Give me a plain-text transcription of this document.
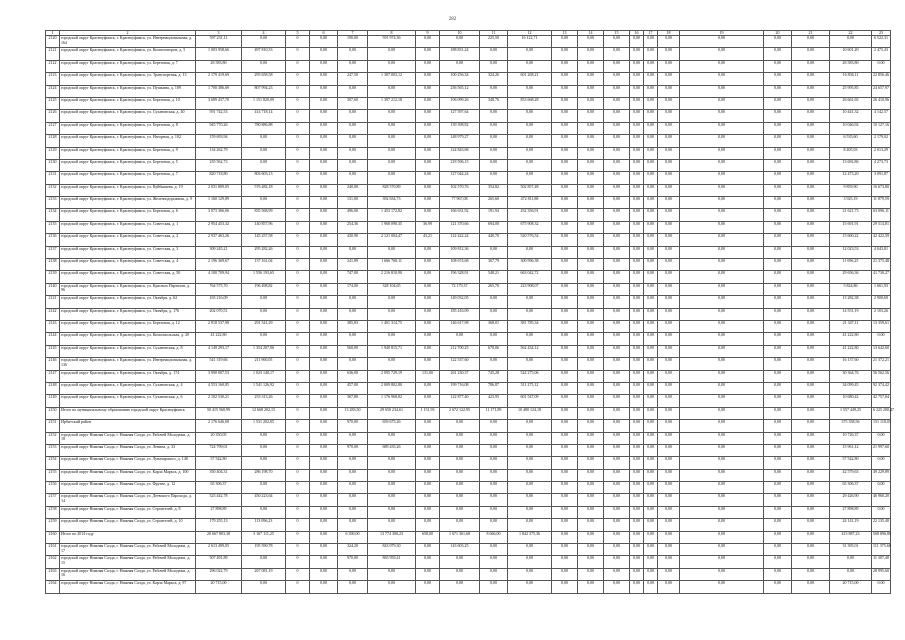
282
1	2	3	4	5	6	7	8	9	10	11	12	13	14	15	16	17	18	19	20	21	22	23
2120	городской округ Красноуфимск, г. Красноуфимск, ул. Интернациональная, д. 164	597 231,11	0,00	0	0,00	190,00	591 974,36	0,00	0,00	225,50	16 122,71	0,00	0,00	0,00	0,00	0,00	0,00	0,00	0,00	0,00	0,00	6 522,31
2121	городской округ Красноуфимск, г. Красноуфимск, ул. Композиторов, д. 5	1 003 958,66	497 810,53	0	0,00	0,00	0,00	0,00	188 831,24	0,00	0,00	0,00	0,00	0,00	0,00	0,00	0,00	0,00	0,00	0,00	10 601,20	2 475,43
2122	городской округ Красноуфимск, г. Красноуфимск, ул. Березовая, д. 7	26 583,80	0,00	0	0,00	0,00	0,00	0,00	0,00	0,00	0,00	0,00	0,00	0,00	0,00	0,00	0,00	0,00	0,00	0,00	26 583,80	0,00
2123	городской округ Красноуфимск, г. Красноуфимск, ул. Транспортная, д. 13	2 179 419,69	295 658,58	0	0,00	247,50	1 387 003,12	0,00	100 256,34	324,26	601 268,21	0,00	0,00	0,00	0,00	0,00	0,00	0,00	0,00	0,00	16 836,11	22 856,46
2124	городской округ Красноуфимск, г. Красноуфимск, ул. Пушкина, д. 109	1 700 386,69	807 994,23	0	0,00	0,00	0,00	0,00	236 565,12	0,00	0,00	0,00	0,00	0,00	0,00	0,00	0,00	0,00	0,00	0,00	25 995,85	24 657,97
2125	городской округ Красноуфимск, г. Красноуфимск, ул. Березовая, д. 10	3 689 437,70	1 151 820,09	0	0,00	307,60	1 397 212,18	0,00	106 099,26	348,76	853 668,28	0,00	0,00	0,00	0,00	0,00	0,00	0,00	0,00	0,00	26 661,65	26 410,96
2126	городской округ Красноуфимск, г. Красноуфимск, ул. Сухановская, д. 40	591 742,53	414 718,14	0	0,00	0,00	0,00	0,00	127 597,64	0,00	0,00	0,00	0,00	0,00	0,00	0,00	0,00	0,00	0,00	0,00	10 441,32	4 142,57
2127	городской округ Красноуфимск, г. Красноуфимск, ул. Березовая, д. 8	945 770,26	780 886,88	0	0,00	0,00	0,00	0,00	139 398,82	0,00	0,00	0,00	0,00	0,00	0,00	0,00	0,00	0,00	0,00	0,00	10 046,92	10 127,16
2128	городской округ Красноуфимск, г. Красноуфимск, ул. Нагорная, д. 102	159 693,94	0,00	0	0,00	0,00	0,00	0,00	148 979,27	0,00	0,00	0,00	0,00	0,00	0,00	0,00	0,00	0,00	0,00	0,00	6 535,60	2 179,02
2129	городской округ Красноуфимск, г. Красноуфимск, ул. Березовая, д. 9	134 262,79	0,00	0	0,00	0,00	0,00	0,00	124 843,68	0,00	0,00	0,00	0,00	0,00	0,00	0,00	0,00	0,00	0,00	0,00	8 405,93	2 013,29
2130	городской округ Красноуфимск, г. Красноуфимск, ул. Березовая, д. 5	235 562,73	0,00	0	0,00	0,00	0,00	0,00	218 596,15	0,00	0,00	0,00	0,00	0,00	0,00	0,00	0,00	0,00	0,00	0,00	13 692,86	4 273,73
2131	городской округ Красноуфимск, г. Красноуфимск, ул. Березовая, д. 7	820 718,80	803 603,13	0	0,00	0,00	0,00	0,00	127 044,24	0,00	0,00	0,00	0,00	0,00	0,00	0,00	0,00	0,00	0,00	0,00	12 473,20	3 091,87
2132	городской округ Красноуфимск, г. Красноуфимск, ул. Куйбышева, д. 19	2 031 809,05	576 482,18	0	0,00	240,00	828 570,89	0,00	102 570,76	354,82	502 857,48	0,00	0,00	0,00	0,00	0,00	0,00	0,00	0,00	0,00	9 859,90	16 673,80
2133	городской округ Красноуфимск, г. Красноуфимск, ул. Железнодорожная, д. 9	1 160 129,89	0,00	0	0,00	131,00	392 634,73	0,00	77 967,08	265,60	472 811,88	0,00	0,00	0,00	0,00	0,00	0,00	0,00	0,00	0,00	3 925,19	11 879,59
2134	городской округ Красноуфимск, г. Красноуфимск, ул. Березовая, д. 6	3 073 366,06	835 568,99	0	0,00	496,00	1 453 172,82	0,00	166 631,92	191,94	432 356,91	0,00	0,00	0,00	0,00	0,00	0,00	0,00	0,00	0,00	21 621,73	63 096,11
2135	городской округ Красноуфимск, г. Красноуфимск, ул. Советская, д. 1	2 954 453,32	140 857,96	0	0,00	254,36	1 968 090,35	36,99	121 370,66	694,00	675 908,32	0,00	0,00	0,00	0,00	0,00	0,00	0,00	0,00	0,00	15 691,91	29 514,81
2136	городской округ Красноуфимск, г. Красноуфимск, ул. Советская, д. 2	2 937 463,26	145 257,58	0	0,00	430,90	2 121 004,47	43,21	122 422,24	440,70	520 576,54	0,00	0,00	0,00	0,00	0,00	0,00	0,00	0,00	0,00	15 600,22	42 422,59
2137	городской округ Красноуфимск, г. Красноуфимск, ул. Советская, д. 3	309 245,21	295 282,26	0	0,00	0,00	0,00	0,00	109 812,36	0,00	0,00	0,00	0,00	0,00	0,00	0,00	0,00	0,00	0,00	0,00	12 023,53	4 043,81
2138	городской округ Красноуфимск, г. Красноуфимск, ул. Советская, д. 4	2 196 369,67	137 161,04	0	0,00	241,89	1 666 768,11	0,00	108 674,68	367,79	300 996,38	0,00	0,00	0,00	0,00	0,00	0,00	0,00	0,00	0,00	11 696,25	21 375,48
2139	городской округ Красноуфимск, г. Красноуфимск, ул. Советская, д. 50	4 100 709,94	1 556 193,65	0	0,00	747,00	2 216 810,90	0,00	196 328,91	548,21	663 042,72	0,00	0,00	0,00	0,00	0,00	0,00	0,00	0,00	0,00	29 656,36	41 730,27
2140	городской округ Красноуфимск, г. Красноуфимск, ул. Красных Партизан, д. 96	764 575,70	196 498,82	0	0,00	174,00	328 104,65	0,00	72 179,37	265,70	223 908,07	0,00	0,00	0,00	0,00	0,00	0,00	0,00	0,00	0,00	5 824,86	1 661,93
2141	городской округ Красноуфимск, г. Красноуфимск, ул. Октября, д. 62	165 216,09	0,00	0	0,00	0,00	0,00	0,00	149 032,05	0,00	0,00	0,00	0,00	0,00	0,00	0,00	0,00	0,00	0,00	0,00	13 282,38	2 900,69
2142	городской округ Красноуфимск, г. Красноуфимск, ул. Октября, д. 176	202 070,51	0,00	0	0,00	0,00	0,00	0,00	185 416,09	0,00	0,00	0,00	0,00	0,00	0,00	0,00	0,00	0,00	0,00	0,00	14 551,19	2 103,26
2143	городской округ Красноуфимск, г. Красноуфимск, ул. Березовая, д. 12	2 818 537,98	291 541,29	0	0,00	385,83	1 401 314,75	0,00	146 617,98	368,01	381 785,34	0,00	0,00	0,00	0,00	0,00	0,00	0,00	0,00	0,00	21 347,11	13 359,61
2144	городской округ Красноуфимск, г. Красноуфимск, ул. Комсомольская, д. 20	41 222,80	0,00	0	0,00	0,00	0,00	0,00	0,00	0,00	0,00	0,00	0,00	0,00	0,00	0,00	0,00	0,00	0,00	0,00	41 222,80	0,00
2145	городской округ Красноуфимск, г. Красноуфимск, ул. Сухановская, д. 8	4 149 293,17	1 354 207,06	0	0,00	560,00	1 940 815,71	0,00	212 700,25	678,06	562 434,12	0,00	0,00	0,00	0,00	0,00	0,00	0,00	0,00	0,00	41 222,80	13 642,60
2146	городской округ Красноуфимск, г. Красноуфимск, ул. Интернациональная, д. 136	541 319,66	211 960,05	0	0,00	0,00	0,00	0,00	122 537,60	0,00	0,00	0,00	0,00	0,00	0,00	0,00	0,00	0,00	0,00	0,00	16 137,60	21 372,21
2147	городской округ Красноуфимск, г. Красноуфимск, ул. Октября, д. 174	3 990 007,53	1 023 140,17	0	0,00	636,00	2 095 729,19	131,00	261 230,37	745,28	524 275,06	0,00	0,00	0,00	0,00	0,00	0,00	0,00	0,00	0,00	30 364,76	56 562,56
2148	городской округ Красноуфимск, г. Красноуфимск, ул. Сухановская, д. 4	4 553 160,85	1 541 126,92	0	0,00	457,00	2 009 802,80	0,00	199 716,08	786,87	511 275,12	0,00	0,00	0,00	0,00	0,00	0,00	0,00	0,00	0,00	34 099,45	92 374,42
2149	городской округ Красноуфимск, г. Красноуфимск, ул. Сухановская, д. 6	2 102 530,21	253 313,26	0	0,00	367,80	1 176 968,82	0,00	122 877,40	423,95	601 547,09	0,00	0,00	0,00	0,00	0,00	0,00	0,00	0,00	0,00	10 680,42	42 757,84
2150	Итого по муниципальному образованию городской округ Красноуфимск	50 415 560,99	12 668 202,15	0	0,00	13 283,50	29 650 234,61	1 131,93	2 672 122,95	11 171,89	10 480 124,18	0,00	0,00	0,00	0,00	0,00	0,00	0,00	0,00	0,00	1 557 449,25	6 225 200,47
2151	Ирбитский район	2 176 646,00	1 531 202,05	0	0,00	970,00	659 675,26	0,00	0,00	0,00	0,00	0,00	0,00	0,00	0,00	0,00	0,00	0,00	0,00	0,00	375 358,56	151 118,03
2152	городской округ Нижняя Салда, г. Нижняя Салда, ул. Рабочей Молодежи, д. 18	20 350,05	0,00	0	0,00	0,00	0,00	0,00	0,00	0,00	0,00	0,00	0,00	0,00	0,00	0,00	0,00	0,00	0,00	0,00	10 726,37	0,00
2153	городской округ Нижняя Салда, г. Нижняя Салда, ул. Ленина, д. 33	724 799,01	0,00	0	0,00	970,00	689 435,26	0,00	0,00	0,00	0,00	0,00	0,00	0,00	0,00	0,00	0,00	0,00	0,00	0,00	15 961,12	21 997,60
2154	городской округ Нижняя Салда, г. Нижняя Салда, ул. Луначарского, д. 148	57 542,80	0,00	0	0,00	0,00	0,00	0,00	0,00	0,00	0,00	0,00	0,00	0,00	0,00	0,00	0,00	0,00	0,00	0,00	57 542,80	0,00
2155	городской округ Нижняя Салда, г. Нижняя Салда, ул. Карла Маркса, д. 100	350 404,31	286 198,70	0	0,00	0,00	0,00	0,00	0,00	0,00	0,00	0,00	0,00	0,00	0,00	0,00	0,00	0,00	0,00	0,00	42 579,63	49 229,89
2156	городской округ Нижняя Салда, г. Нижняя Салда, ул. Фрунзе, д. 12	65 306,37	0,00	0	0,00	0,00	0,00	0,00	0,00	0,00	0,00	0,00	0,00	0,00	0,00	0,00	0,00	0,00	0,00	0,00	65 306,37	0,00
2157	городской округ Нижняя Салда, г. Нижняя Салда, ул. Деевского Парохода, д. 14	523 442,78	450 223,64	0	0,00	0,00	0,00	0,00	0,00	0,00	0,00	0,00	0,00	0,00	0,00	0,00	0,00	0,00	0,00	0,00	29 426,90	46 960,20
2158	городской округ Нижняя Салда, г. Нижняя Салда, ул. Строителей, д. 8	27 898,89	0,00	0	0,00	0,00	0,00	0,00	0,00	0,00	0,00	0,00	0,00	0,00	0,00	0,00	0,00	0,00	0,00	0,00	27 898,89	0,00
2159	городской округ Нижняя Салда, г. Нижняя Салда, ул. Строителей, д. 10	179 255,13	113 096,23	0	0,00	0,00	0,00	0,00	0,00	0,00	0,00	0,00	0,00	0,00	0,00	0,00	0,00	0,00	0,00	0,00	24 141,19	22 135,40
2160	Итого по 2014 году	20 667 803,38	3 167 111,25	0	0,00	6 390,00	13 774 300,23	658,00	1 671 361,68	8 666,00	1 842 375,36	0,00	0,00	0,00	0,00	0,00	0,00	0,00	0,00	0,00	413 887,23	568 896,80
2161	городской округ Нижняя Салда, г. Нижняя Салда, ул. Рабочей Молодежи, д. 17	2 613 499,05	195 590,78	0	0,00	324,20	843 079,30	0,00	143 603,25	0,00	0,00	0,00	0,00	0,00	0,00	0,00	0,00	0,00	0,00	0,00	31 395,01	111 375,68
2162	городской округ Нижняя Салда, г. Нижняя Салда, ул. Рабочей Молодежи, д. 15	507 491,89	0,00	0	0,00	970,00	865 959,41	0,00	0,00	0,00	0,00	0,00	0,00	0,00	0,00	0,00	0,00	0,00	0,00	0,00	0,00	11 307,40
2163	городской округ Нижняя Салда, г. Нижняя Салда, ул. Рабочей Молодежи, д. 16	296 022,79	267 081,19	0	0,00	0,00	0,00	0,00	0,00	0,00	0,00	0,00	0,00	0,00	0,00	0,00	0,00	0,00	0,00	0,00	0,00	28 995,60
2164	городской округ Нижняя Салда, г. Нижняя Салда, ул. Карла Маркса, д. 97	20 715,00	0,00	0	0,00	0,00	0,00	0,00	0,00	0,00	0,00	0,00	0,00	0,00	0,00	0,00	0,00	0,00	0,00	0,00	20 715,00	0,00
